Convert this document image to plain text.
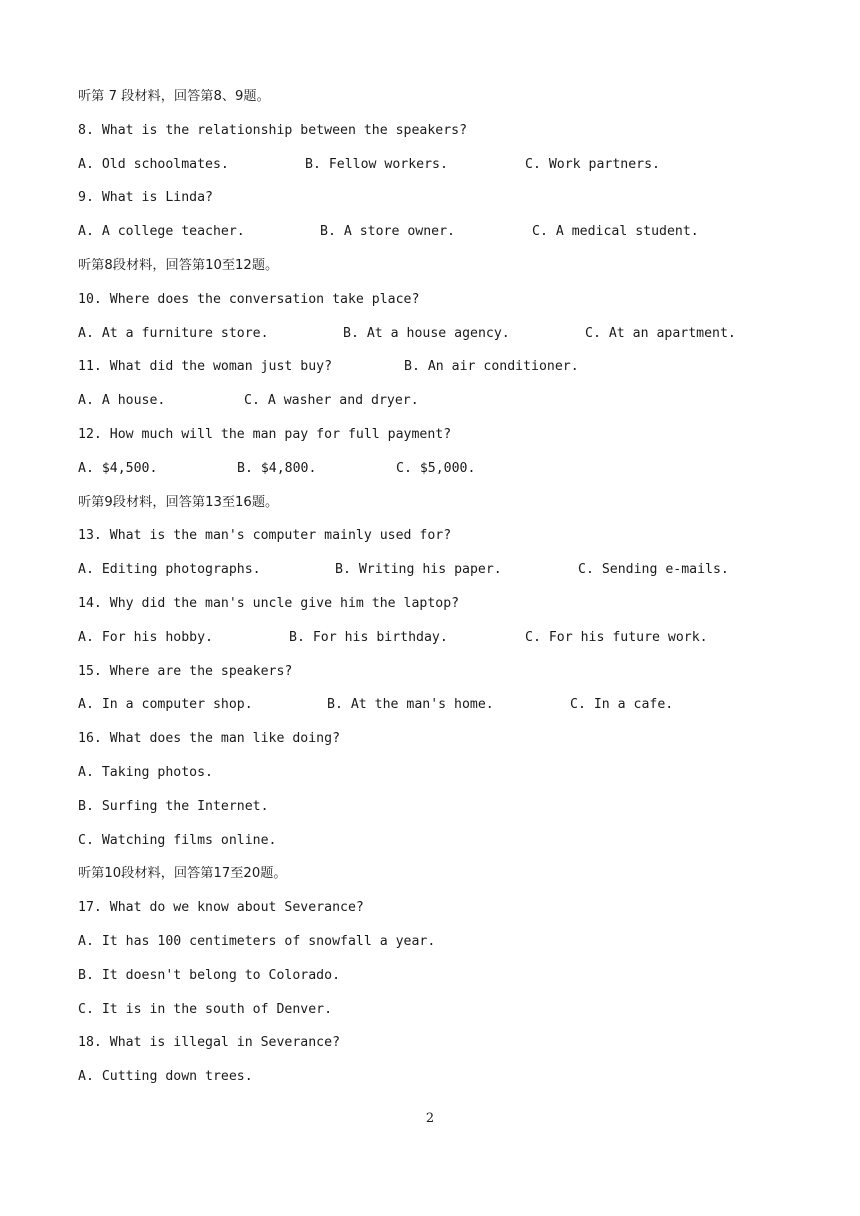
听第 7 段材料，回答第8、9题。
8. What is the relationship between the speakers?
A. Old schoolmates.	B. Fellow workers.	C. Work partners.
9. What is Linda?
A. A college teacher.	B. A store owner.	C. A medical student.
听第8段材料，回答第10至12题。
10. Where does the conversation take place?
A. At a furniture store.	B. At a house agency.	C. At an apartment.
11. What did the woman just buy?	B. An air conditioner.
A. A house.	C. A washer and dryer.
12. How much will the man pay for full payment?
A. $4,500.	B. $4,800.	C. $5,000.
听第9段材料，回答第13至16题。
13. What is the man's computer mainly used for?
A. Editing photographs.	B. Writing his paper.	C. Sending e-mails.
14. Why did the man's uncle give him the laptop?
A. For his hobby.	B. For his birthday.	C. For his future work.
15. Where are the speakers?
A. In a computer shop.	B. At the man's home.	C. In a cafe.
16. What does the man like doing?
A. Taking photos.
B. Surfing the Internet.
C. Watching films online.
听第10段材料，回答第17至20题。
17. What do we know about Severance?
A. It has 100 centimeters of snowfall a year.
B. It doesn't belong to Colorado.
C. It is in the south of Denver.
18. What is illegal in Severance?
A. Cutting down trees.
2
